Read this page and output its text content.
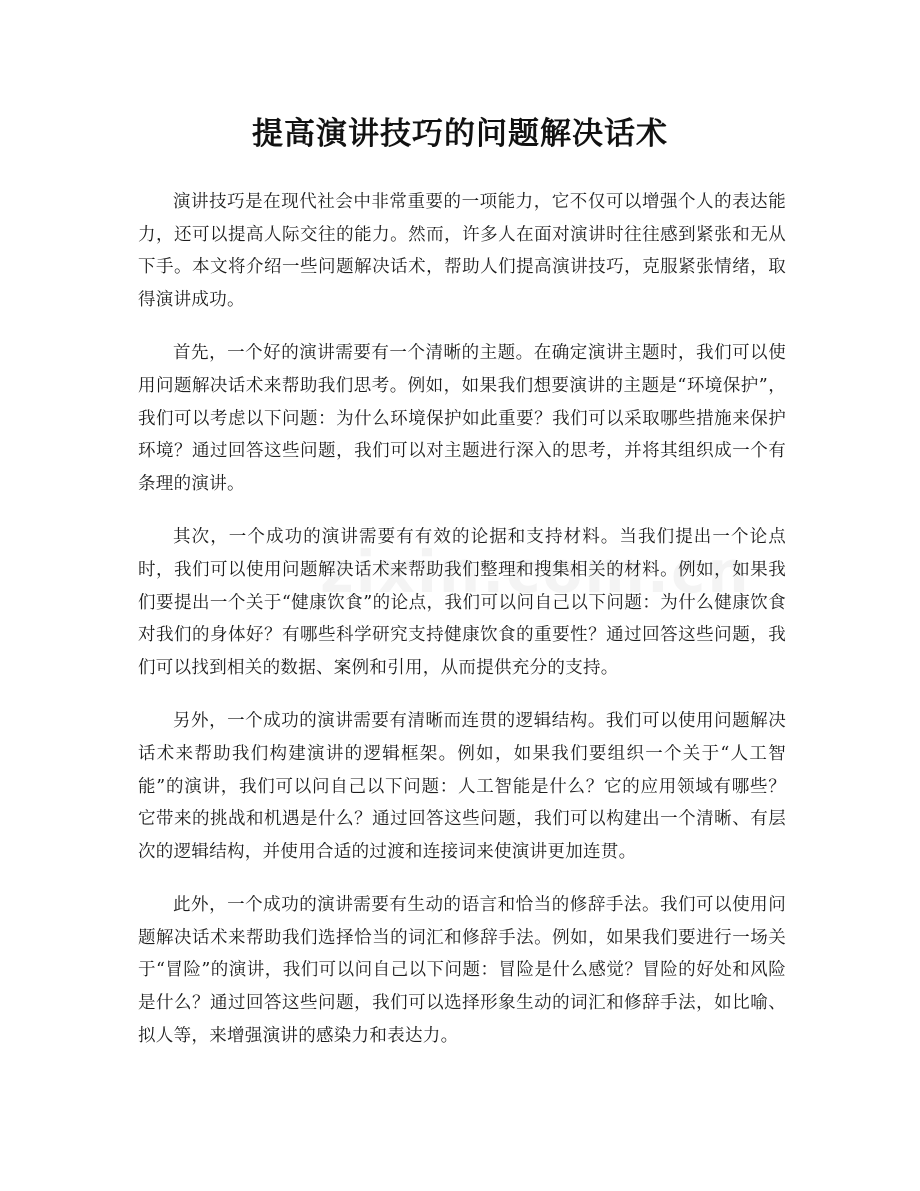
提高演讲技巧的问题解决话术

演讲技巧是在现代社会中非常重要的一项能力，它不仅可以增强个人的表达能力，还可以提高人际交往的能力。然而，许多人在面对演讲时往往感到紧张和无从下手。本文将介绍一些问题解决话术，帮助人们提高演讲技巧，克服紧张情绪，取得演讲成功。

首先，一个好的演讲需要有一个清晰的主题。在确定演讲主题时，我们可以使用问题解决话术来帮助我们思考。例如，如果我们想要演讲的主题是“环境保护”，我们可以考虑以下问题：为什么环境保护如此重要？我们可以采取哪些措施来保护环境？通过回答这些问题，我们可以对主题进行深入的思考，并将其组织成一个有条理的演讲。

其次，一个成功的演讲需要有有效的论据和支持材料。当我们提出一个论点时，我们可以使用问题解决话术来帮助我们整理和搜集相关的材料。例如，如果我们要提出一个关于“健康饮食”的论点，我们可以问自己以下问题：为什么健康饮食对我们的身体好？有哪些科学研究支持健康饮食的重要性？通过回答这些问题，我们可以找到相关的数据、案例和引用，从而提供充分的支持。

另外，一个成功的演讲需要有清晰而连贯的逻辑结构。我们可以使用问题解决话术来帮助我们构建演讲的逻辑框架。例如，如果我们要组织一个关于“人工智能”的演讲，我们可以问自己以下问题：人工智能是什么？它的应用领域有哪些？它带来的挑战和机遇是什么？通过回答这些问题，我们可以构建出一个清晰、有层次的逻辑结构，并使用合适的过渡和连接词来使演讲更加连贯。

此外，一个成功的演讲需要有生动的语言和恰当的修辞手法。我们可以使用问题解决话术来帮助我们选择恰当的词汇和修辞手法。例如，如果我们要进行一场关于“冒险”的演讲，我们可以问自己以下问题：冒险是什么感觉？冒险的好处和风险是什么？通过回答这些问题，我们可以选择形象生动的词汇和修辞手法，如比喻、拟人等，来增强演讲的感染力和表达力。
